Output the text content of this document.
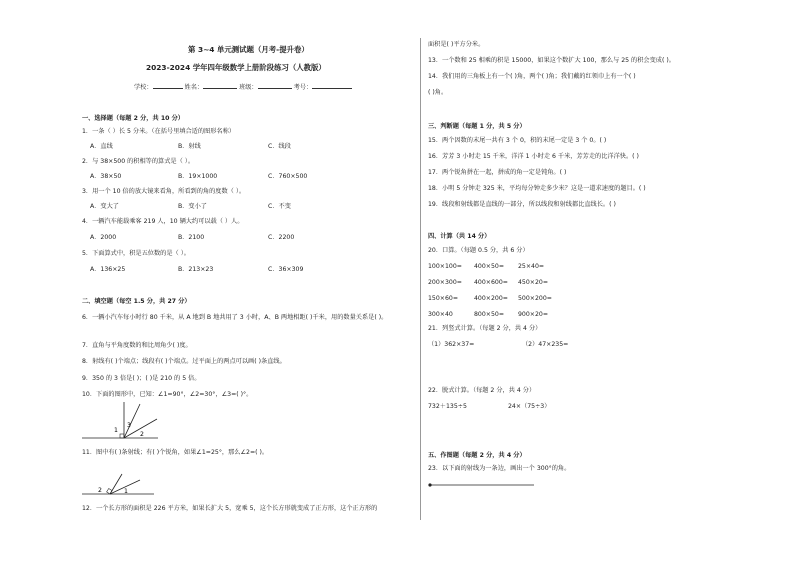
第 3~4 单元测试题（月考-提升卷）
2023-2024 学年四年级数学上册阶段练习（人教版）
学校：	姓名：	班级：	考号：
一、选择题（每题 2 分，共 10 分）
1．一条（ ）长 5 分米。（在括号里填合适的图形名称）
A．直线	B．射线	C．线段
2．与 38×500 的积相等的算式是（ ）。
A．38×50	B．19×1000	C．760×500
3．用一个 10 倍的放大镜来看角，所看到的角的度数（ ）。
A．变大了	B．变小了	C．不变
4．一辆汽车能载乘客 219 人，10 辆大约可以载（ ）人。
A．2000	B．2100	C．2200
5．下面算式中，积是五位数的是（ ）。
A．136×25	B．213×23	C．36×309
二、填空题（每空 1.5 分，共 27 分）
6．一辆小汽车每小时行 80 千米，从 A 地到 B 地共用了 3 小时，A、B 两地相距( )千米，用的数量关系是( )。
7．直角与平角度数的和比周角少( )度。
8．射线有( )个端点；线段有( )个端点。过平面上的两点可以画( )条直线。
9．350 的 3 倍是( )；( )是 210 的 5 倍。
10．下面的图形中，已知：∠1=90°，∠2=30°，∠3=( )°。
1
3
2
11．图中有( )条射线；有( )个锐角，如果∠1=25°，那么∠2=( )。
2	1
12．一个长方形的面积是 226 平方米，如果长扩大 5，宽乘 5，这个长方形就变成了正方形，这个正方形的
面积是( )平方分米。
13．一个数和 25 相乘的积是 15000，如果这个数扩大 100，那么与 25 的积会变成( )。
14．我们用的三角板上有一个( )角，两个( )角；我们戴的红领巾上有一个( )
( )角。
三、判断题（每题 1 分，共 5 分）
15．两个因数的末尾一共有 3 个 0，积的末尾一定是 3 个 0。( )
16．芳芳 3 小时走 15 千米，洋洋 1 小时走 6 千米，芳芳走的比洋洋快。( )
17．两个锐角拼在一起，拼成的角一定是钝角。( )
18．小明 5 分钟走 325 米，平均每分钟走多少米？这是一道求速度的题目。( )
19．线段和射线都是直线的一部分，所以线段和射线都比直线长。( )
四、计算（共 14 分）
20．口算。（每题 0.5 分，共 6 分）
100×100= 400×50= 25×40=
200×300= 400×600= 450×20=
150×60=	400×200= 500×200=
300×40	800×50= 900×20=
21．列竖式计算。（每题 2 分，共 4 分）
（1）362×37=	（2）47×235=
22．脱式计算。（每题 2 分，共 4 分）
732＋135÷5	24×（75÷3）
五、作图题（每题 2 分，共 4 分）
23．以下面的射线为一条边，画出一个 300°的角。
